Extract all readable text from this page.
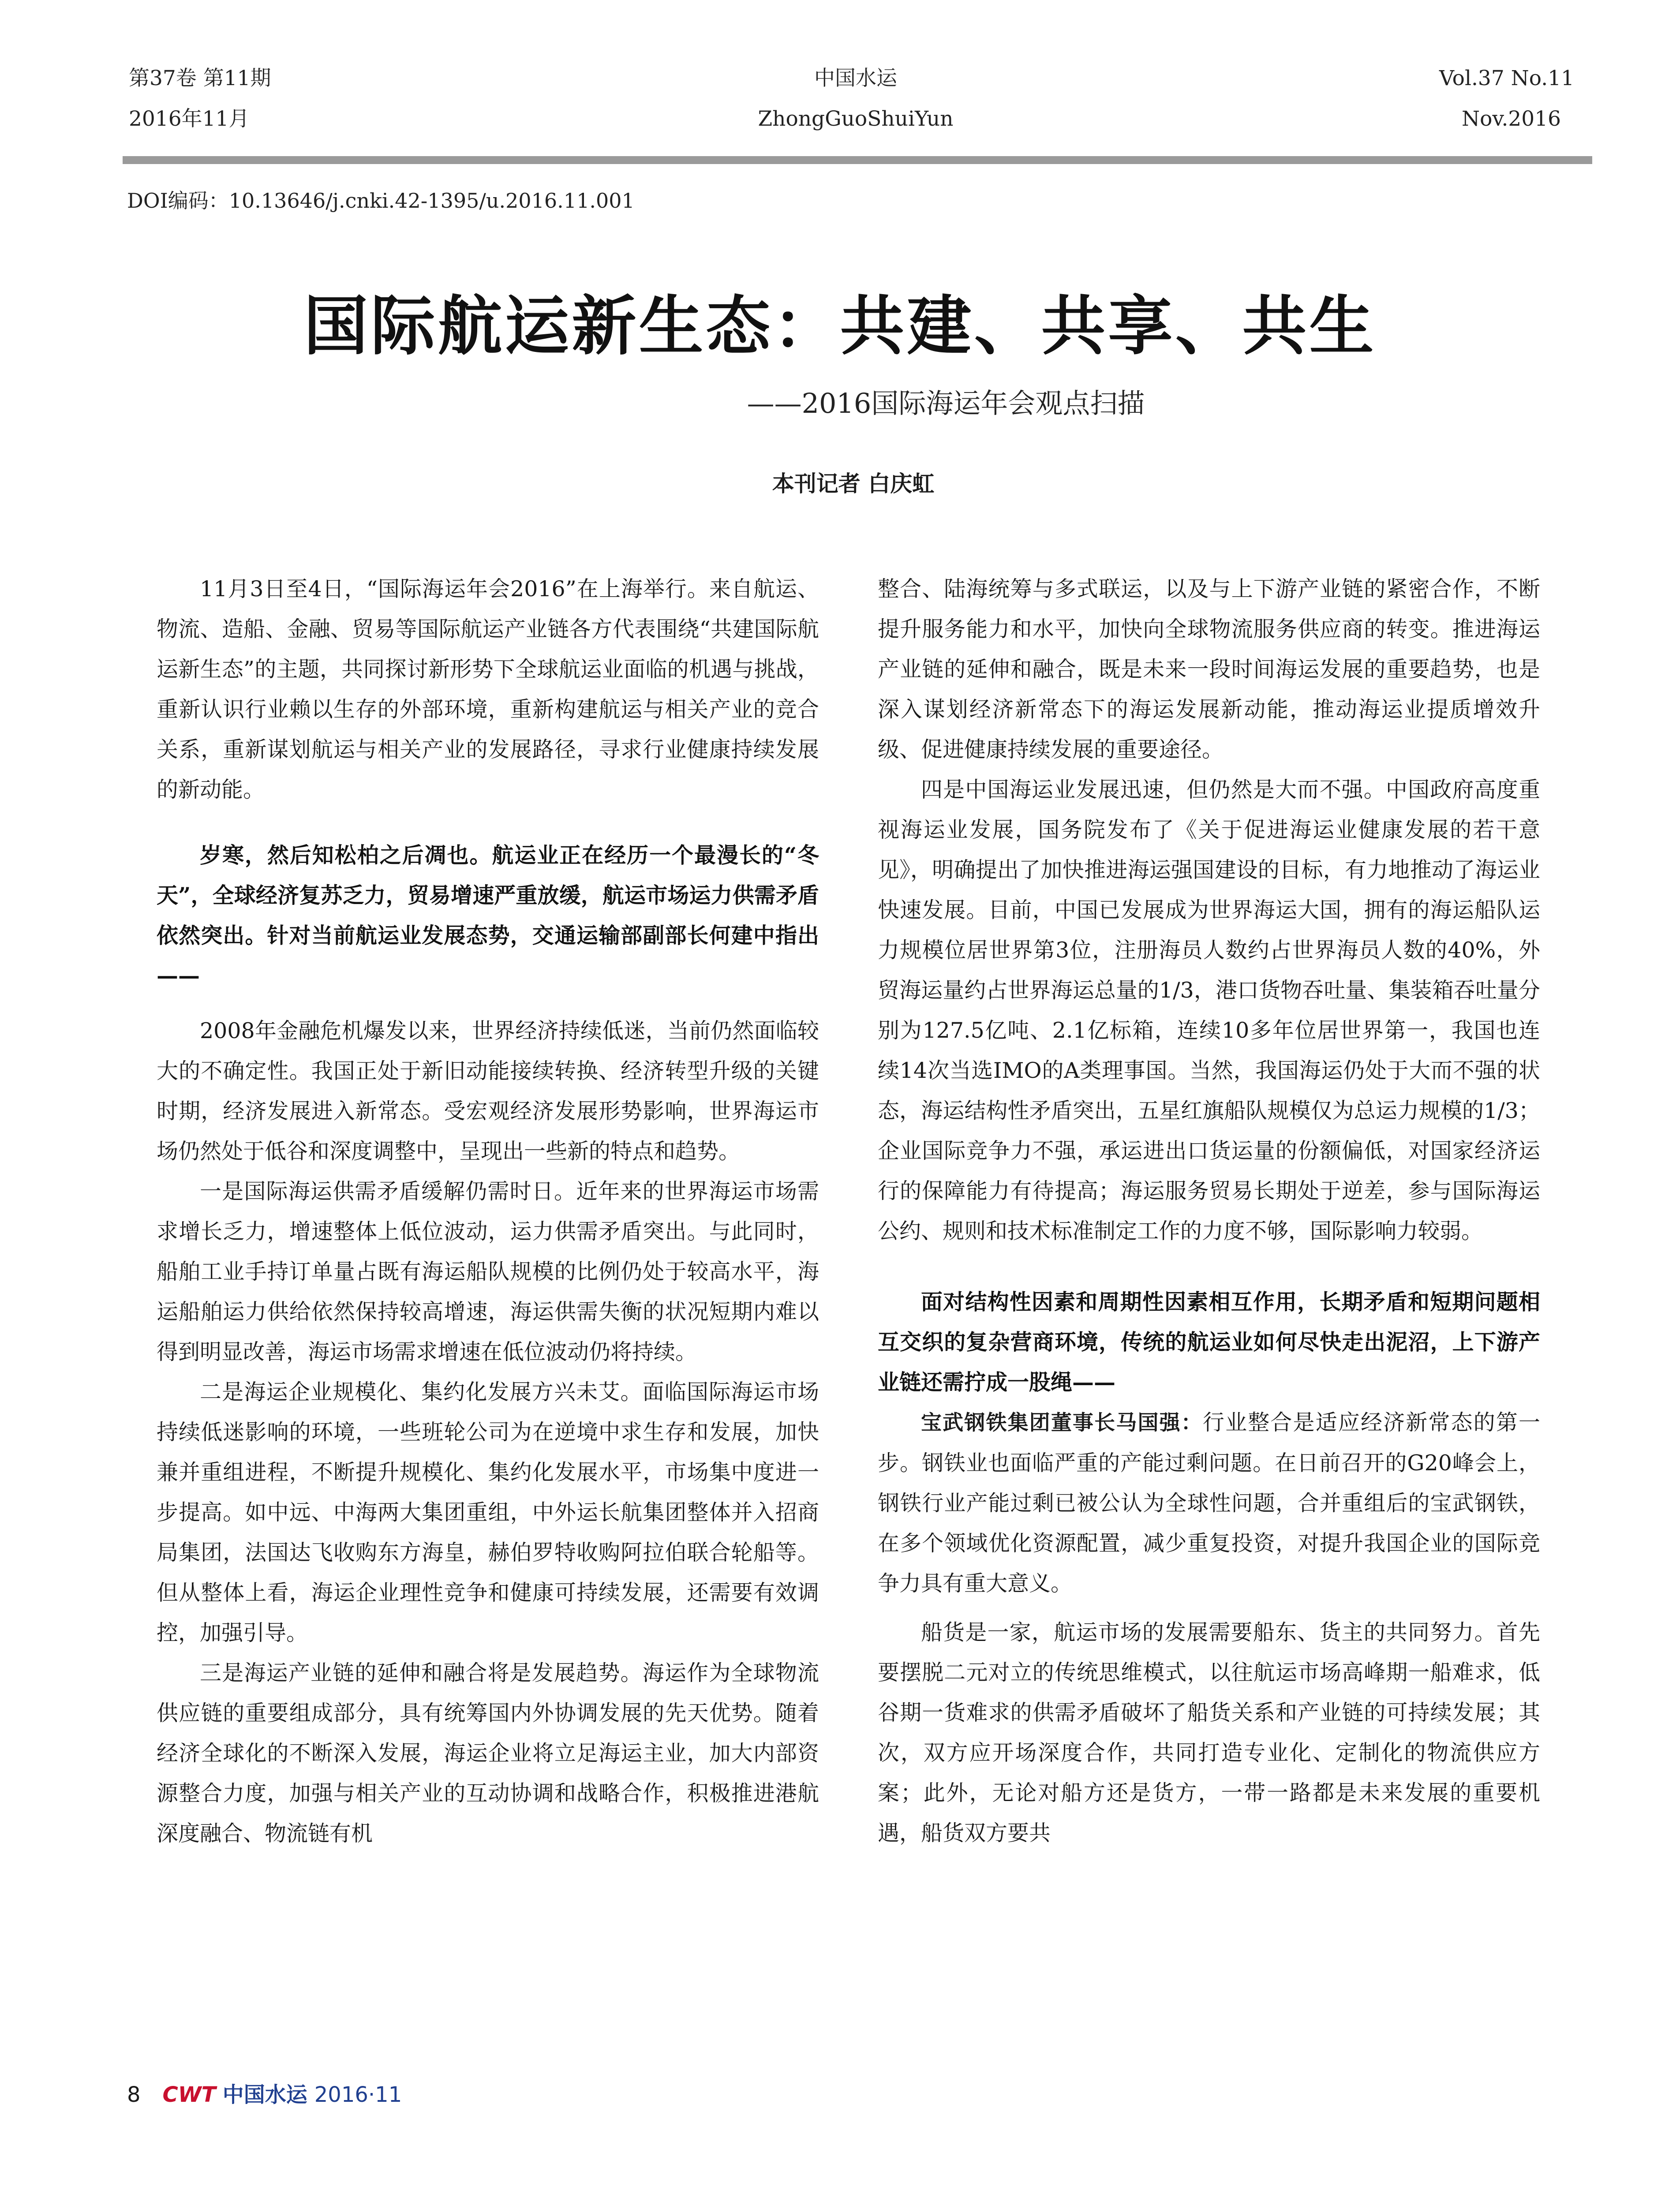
第37卷 第11期
2016年11月
中国水运
ZhongGuoShuiYun
Vol.37 No.11
Nov.2016
DOI编码：10.13646/j.cnki.42-1395/u.2016.11.001
国际航运新生态：共建、共享、共生
——2016国际海运年会观点扫描
本刊记者 白庆虹

11月3日至4日，“国际海运年会2016”在上海举行。来自航运、物流、造船、金融、贸易等国际航运产业链各方代表围绕“共建国际航运新生态”的主题，共同探讨新形势下全球航运业面临的机遇与挑战，重新认识行业赖以生存的外部环境，重新构建航运与相关产业的竞合关系，重新谋划航运与相关产业的发展路径，寻求行业健康持续发展的新动能。

岁寒，然后知松柏之后凋也。航运业正在经历一个最漫长的“冬天”，全球经济复苏乏力，贸易增速严重放缓，航运市场运力供需矛盾依然突出。针对当前航运业发展态势，交通运输部副部长何建中指出——

2008年金融危机爆发以来，世界经济持续低迷，当前仍然面临较大的不确定性。我国正处于新旧动能接续转换、经济转型升级的关键时期，经济发展进入新常态。受宏观经济发展形势影响，世界海运市场仍然处于低谷和深度调整中，呈现出一些新的特点和趋势。

一是国际海运供需矛盾缓解仍需时日。近年来的世界海运市场需求增长乏力，增速整体上低位波动，运力供需矛盾突出。与此同时，船舶工业手持订单量占既有海运船队规模的比例仍处于较高水平，海运船舶运力供给依然保持较高增速，海运供需失衡的状况短期内难以得到明显改善，海运市场需求增速在低位波动仍将持续。

二是海运企业规模化、集约化发展方兴未艾。面临国际海运市场持续低迷影响的环境，一些班轮公司为在逆境中求生存和发展，加快兼并重组进程，不断提升规模化、集约化发展水平，市场集中度进一步提高。如中远、中海两大集团重组，中外运长航集团整体并入招商局集团，法国达飞收购东方海皇，赫伯罗特收购阿拉伯联合轮船等。但从整体上看，海运企业理性竞争和健康可持续发展，还需要有效调控，加强引导。

三是海运产业链的延伸和融合将是发展趋势。海运作为全球物流供应链的重要组成部分，具有统筹国内外协调发展的先天优势。随着经济全球化的不断深入发展，海运企业将立足海运主业，加大内部资源整合力度，加强与相关产业的互动协调和战略合作，积极推进港航深度融合、物流链有机

整合、陆海统筹与多式联运，以及与上下游产业链的紧密合作，不断提升服务能力和水平，加快向全球物流服务供应商的转变。推进海运产业链的延伸和融合，既是未来一段时间海运发展的重要趋势，也是深入谋划经济新常态下的海运发展新动能，推动海运业提质增效升级、促进健康持续发展的重要途径。

四是中国海运业发展迅速，但仍然是大而不强。中国政府高度重视海运业发展，国务院发布了《关于促进海运业健康发展的若干意见》，明确提出了加快推进海运强国建设的目标，有力地推动了海运业快速发展。目前，中国已发展成为世界海运大国，拥有的海运船队运力规模位居世界第3位，注册海员人数约占世界海员人数的40%，外贸海运量约占世界海运总量的1/3，港口货物吞吐量、集装箱吞吐量分别为127.5亿吨、2.1亿标箱，连续10多年位居世界第一，我国也连续14次当选IMO的A类理事国。当然，我国海运仍处于大而不强的状态，海运结构性矛盾突出，五星红旗船队规模仅为总运力规模的1/3；企业国际竞争力不强，承运进出口货运量的份额偏低，对国家经济运行的保障能力有待提高；海运服务贸易长期处于逆差，参与国际海运公约、规则和技术标准制定工作的力度不够，国际影响力较弱。

面对结构性因素和周期性因素相互作用，长期矛盾和短期问题相互交织的复杂营商环境，传统的航运业如何尽快走出泥沼，上下游产业链还需拧成一股绳——

宝武钢铁集团董事长马国强：行业整合是适应经济新常态的第一步。钢铁业也面临严重的产能过剩问题。在日前召开的G20峰会上，钢铁行业产能过剩已被公认为全球性问题，合并重组后的宝武钢铁，在多个领域优化资源配置，减少重复投资，对提升我国企业的国际竞争力具有重大意义。

船货是一家，航运市场的发展需要船东、货主的共同努力。首先要摆脱二元对立的传统思维模式，以往航运市场高峰期一船难求，低谷期一货难求的供需矛盾破坏了船货关系和产业链的可持续发展；其次，双方应开场深度合作，共同打造专业化、定制化的物流供应方案；此外，无论对船方还是货方，一带一路都是未来发展的重要机遇，船货双方要共

8 CWT 中国水运 2016·11
